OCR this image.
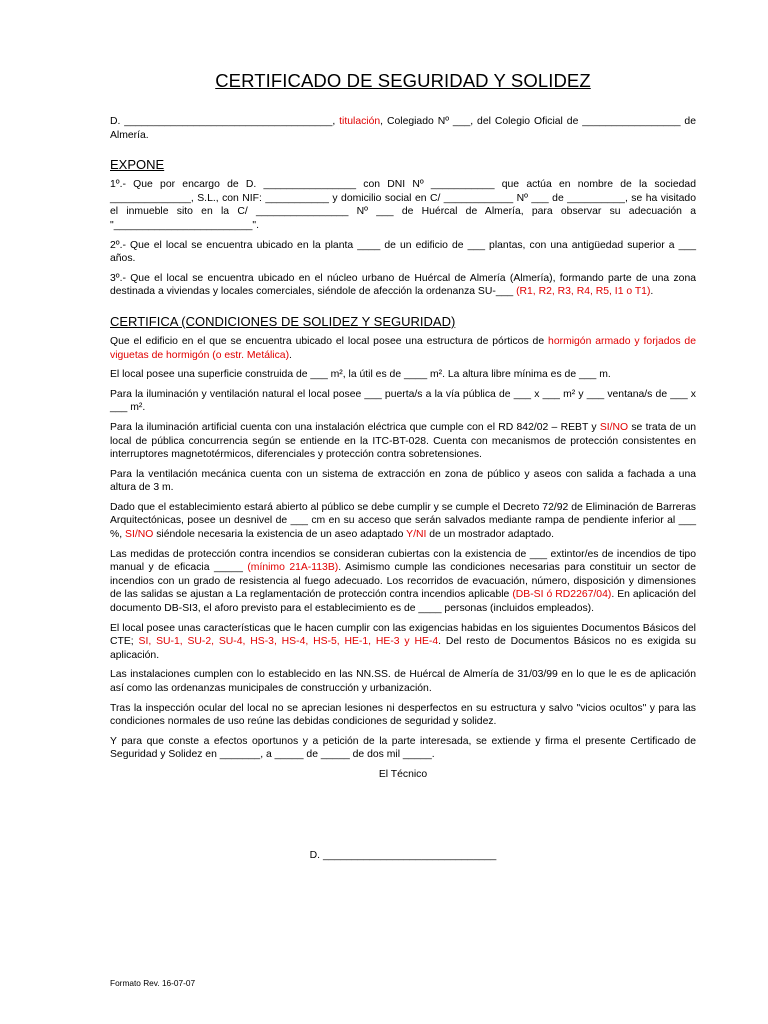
CERTIFICADO DE SEGURIDAD Y SOLIDEZ

D. ____________________________________, titulación, Colegiado Nº ___, del Colegio Oficial de _________________ de Almería.

EXPONE

1º.- Que por encargo de D. ________________ con DNI Nº ___________ que actúa en nombre de la sociedad ______________, S.L., con NIF: ___________ y domicilio social en C/ ____________ Nº ___ de __________, se ha visitado el inmueble sito en la C/ ________________ Nº ___ de Huércal de Almería, para observar su adecuación a "________________________".

2º.- Que el local se encuentra ubicado en la planta ____ de un edificio de ___ plantas, con una antigüedad superior a ___ años.

3º.- Que el local se encuentra ubicado en el núcleo urbano de Huércal de Almería (Almería), formando parte de una zona destinada a viviendas y locales comerciales, siéndole de afección la ordenanza SU-___ (R1, R2, R3, R4, R5, I1 o T1).

CERTIFICA (CONDICIONES DE SOLIDEZ Y SEGURIDAD)

Que el edificio en el que se encuentra ubicado el local posee una estructura de pórticos de hormigón armado y forjados de viguetas de hormigón (o estr. Metálica).

El local posee una superficie construida de ___ m², la útil es de ____ m². La altura libre mínima es de ___ m.

Para la iluminación y ventilación natural el local posee ___ puerta/s a la vía pública de ___ x ___ m² y ___ ventana/s de ___ x ___ m².

Para la iluminación artificial cuenta con una instalación eléctrica que cumple con el RD 842/02 – REBT y SI/NO se trata de un local de pública concurrencia según se entiende en la ITC-BT-028. Cuenta con mecanismos de protección consistentes en interruptores magnetotérmicos, diferenciales y protección contra sobretensiones.

Para la ventilación mecánica cuenta con un sistema de extracción en zona de público y aseos con salida a fachada a una altura de 3 m.

Dado que el establecimiento estará abierto al público se debe cumplir y se cumple el Decreto 72/92 de Eliminación de Barreras Arquitectónicas, posee un desnivel de ___ cm en su acceso que serán salvados mediante rampa de pendiente inferior al ___ %, SI/NO siéndole necesaria la existencia de un aseo adaptado Y/NI de un mostrador adaptado.

Las medidas de protección contra incendios se consideran cubiertas con la existencia de ___ extintor/es de incendios de tipo manual y de eficacia _____ (mínimo 21A-113B). Asimismo cumple las condiciones necesarias para constituir un sector de incendios con un grado de resistencia al fuego adecuado. Los recorridos de evacuación, número, disposición y dimensiones de las salidas se ajustan a La reglamentación de protección contra incendios aplicable (DB-SI ó RD2267/04). En aplicación del documento DB-SI3, el aforo previsto para el establecimiento es de ____ personas (incluidos empleados).

El local posee unas características que le hacen cumplir con las exigencias habidas en los siguientes Documentos Básicos del CTE; SI, SU-1, SU-2, SU-4, HS-3, HS-4, HS-5, HE-1, HE-3 y HE-4. Del resto de Documentos Básicos no es exigida su aplicación.

Las instalaciones cumplen con lo establecido en las NN.SS. de Huércal de Almería de 31/03/99 en lo que le es de aplicación así como las ordenanzas municipales de construcción y urbanización.

Tras la inspección ocular del local no se aprecian lesiones ni desperfectos en su estructura y salvo "vicios ocultos" y para las condiciones normales de uso reúne las debidas condiciones de seguridad y solidez.

Y para que conste a efectos oportunos y a petición de la parte interesada, se extiende y firma el presente Certificado de Seguridad y Solidez en _______, a _____ de _____ de dos mil _____.

El Técnico

D. ______________________________
Formato Rev. 16-07-07
